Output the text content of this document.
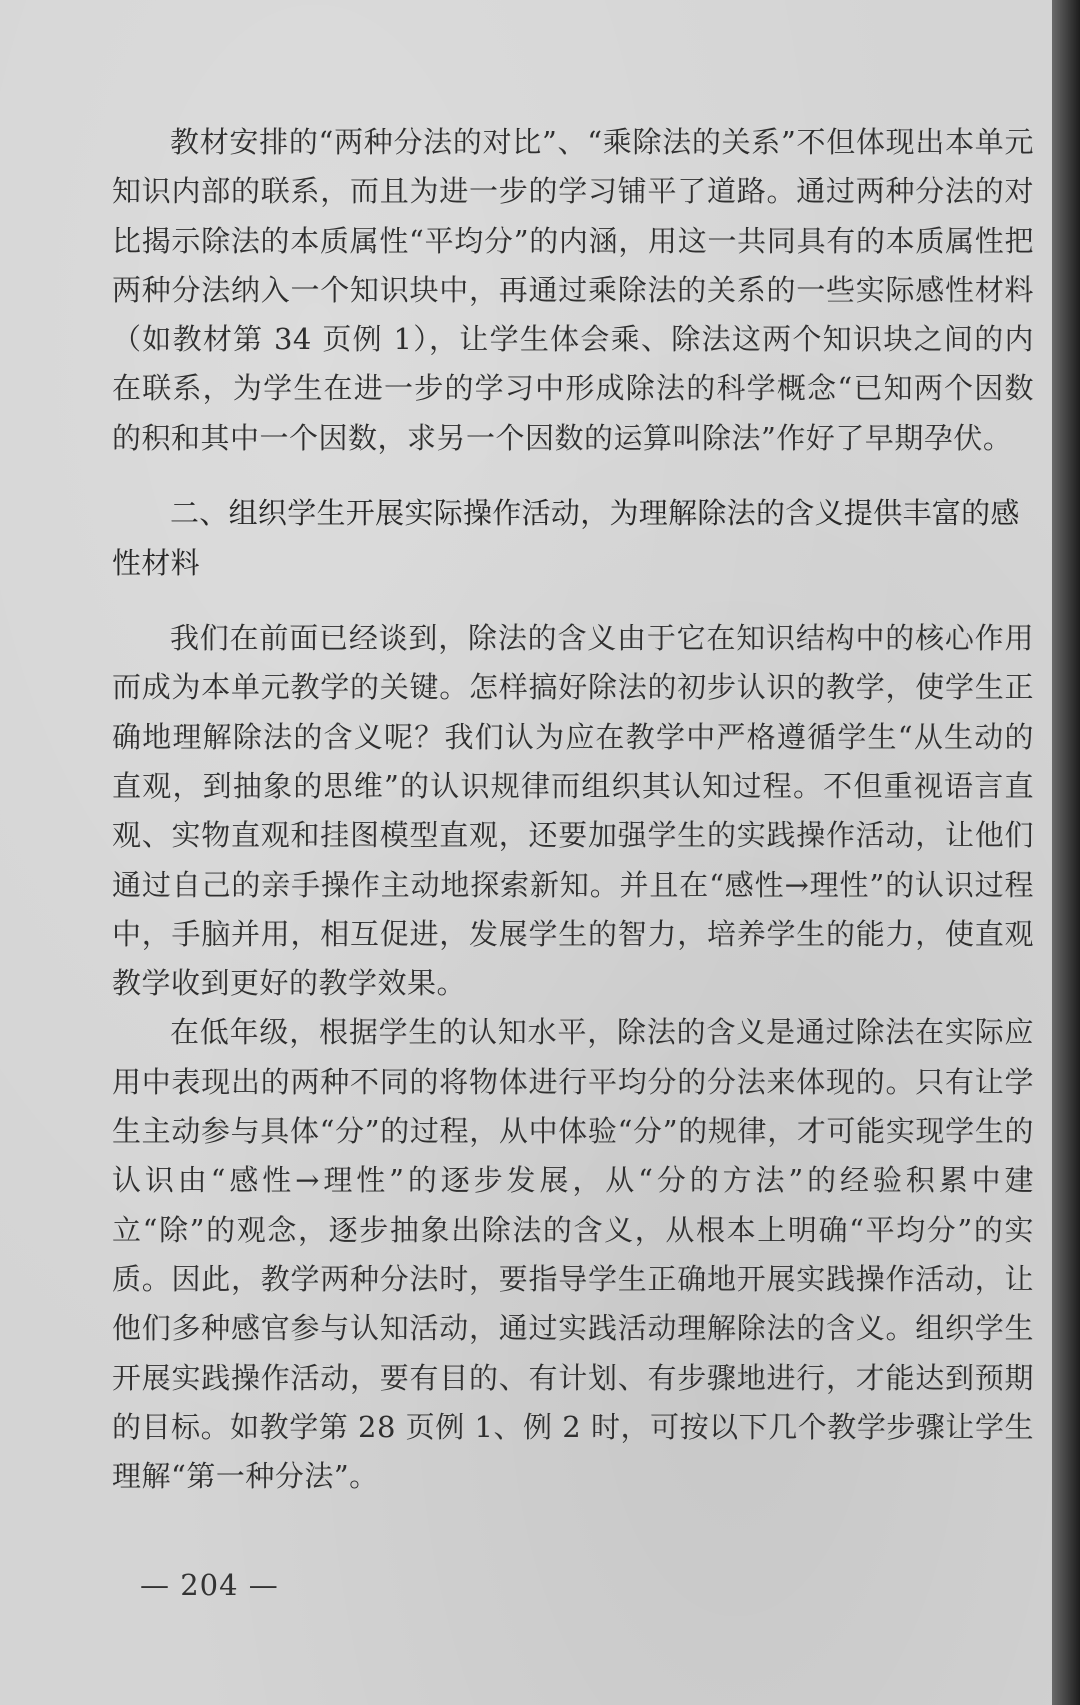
教材安排的“两种分法的对比”、“乘除法的关系”不但体现出本单元知识内部的联系，而且为进一步的学习铺平了道路。通过两种分法的对比揭示除法的本质属性“平均分”的内涵，用这一共同具有的本质属性把两种分法纳入一个知识块中，再通过乘除法的关系的一些实际感性材料（如教材第 34 页例 1），让学生体会乘、除法这两个知识块之间的内在联系，为学生在进一步的学习中形成除法的科学概念“已知两个因数的积和其中一个因数，求另一个因数的运算叫除法”作好了早期孕伏。

二、组织学生开展实际操作活动，为理解除法的含义提供丰富的感性材料

我们在前面已经谈到，除法的含义由于它在知识结构中的核心作用而成为本单元教学的关键。怎样搞好除法的初步认识的教学，使学生正确地理解除法的含义呢？我们认为应在教学中严格遵循学生“从生动的直观，到抽象的思维”的认识规律而组织其认知过程。不但重视语言直观、实物直观和挂图模型直观，还要加强学生的实践操作活动，让他们通过自己的亲手操作主动地探索新知。并且在“感性→理性”的认识过程中，手脑并用，相互促进，发展学生的智力，培养学生的能力，使直观教学收到更好的教学效果。

在低年级，根据学生的认知水平，除法的含义是通过除法在实际应用中表现出的两种不同的将物体进行平均分的分法来体现的。只有让学生主动参与具体“分”的过程，从中体验“分”的规律，才可能实现学生的认识由“感性→理性”的逐步发展，从“分的方法”的经验积累中建立“除”的观念，逐步抽象出除法的含义，从根本上明确“平均分”的实质。因此，教学两种分法时，要指导学生正确地开展实践操作活动，让他们多种感官参与认知活动，通过实践活动理解除法的含义。组织学生开展实践操作活动，要有目的、有计划、有步骤地进行，才能达到预期的目标。如教学第 28 页例 1、例 2 时，可按以下几个教学步骤让学生理解“第一种分法”。

— 204 —
